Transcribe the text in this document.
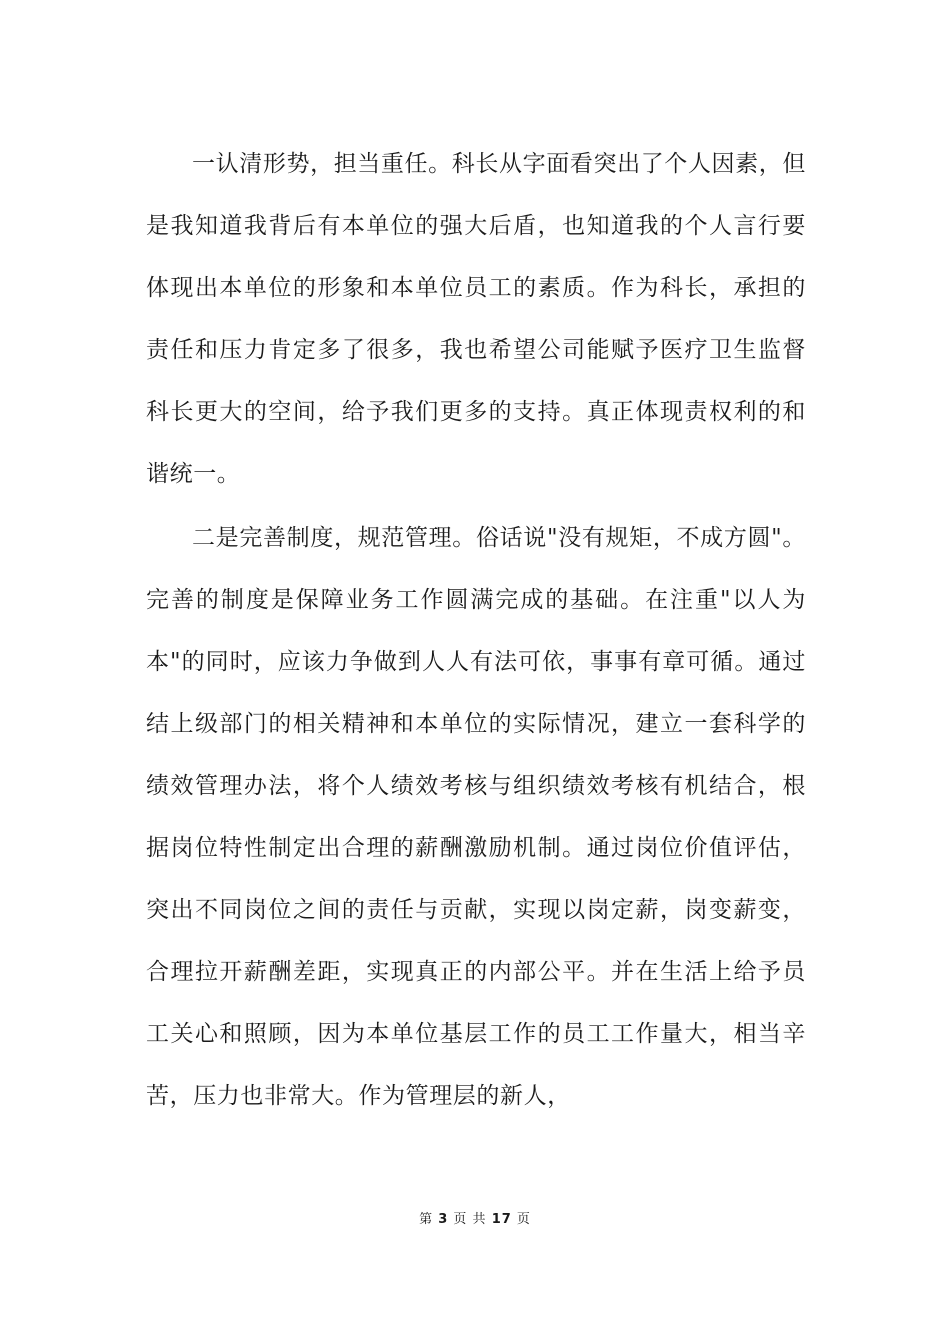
一认清形势，担当重任。科长从字面看突出了个人因素，但是我知道我背后有本单位的强大后盾，也知道我的个人言行要体现出本单位的形象和本单位员工的素质。作为科长，承担的责任和压力肯定多了很多，我也希望公司能赋予医疗卫生监督科长更大的空间，给予我们更多的支持。真正体现责权利的和谐统一。

二是完善制度，规范管理。俗话说"没有规矩，不成方圆"。完善的制度是保障业务工作圆满完成的基础。在注重"以人为本"的同时，应该力争做到人人有法可依，事事有章可循。通过结上级部门的相关精神和本单位的实际情况，建立一套科学的绩效管理办法，将个人绩效考核与组织绩效考核有机结合，根据岗位特性制定出合理的薪酬激励机制。通过岗位价值评估，突出不同岗位之间的责任与贡献，实现以岗定薪，岗变薪变，合理拉开薪酬差距，实现真正的内部公平。并在生活上给予员工关心和照顾，因为本单位基层工作的员工工作量大，相当辛苦，压力也非常大。作为管理层的新人，

第 3 页 共 17 页
